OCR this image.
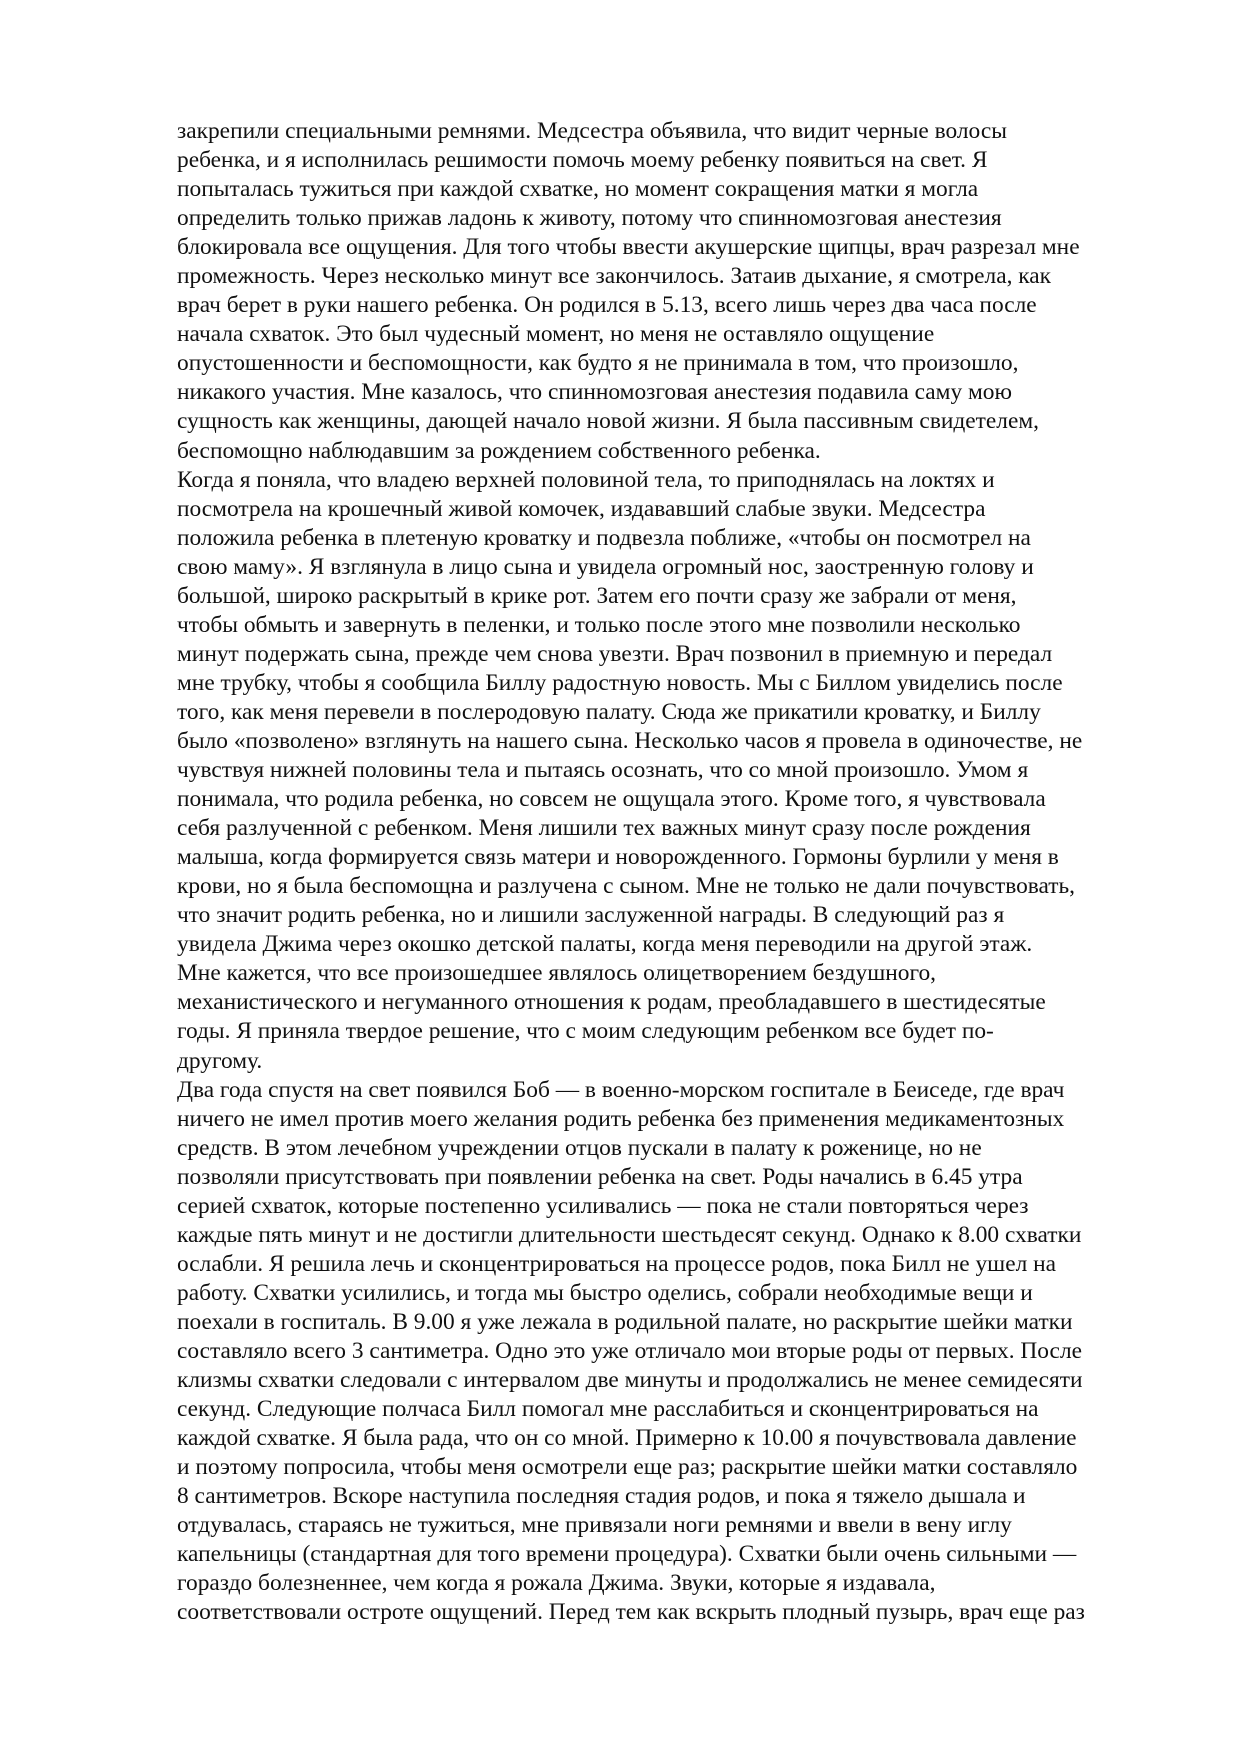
закрепили специальными ремнями. Медсестра объявила, что видит черные волосы
ребенка, и я исполнилась решимости помочь моему ребенку появиться на свет. Я
попыталась тужиться при каждой схватке, но момент сокращения матки я могла
определить только прижав ладонь к животу, потому что спинномозговая анестезия
блокировала все ощущения. Для того чтобы ввести акушерские щипцы, врач разрезал мне
промежность. Через несколько минут все закончилось. Затаив дыхание, я смотрела, как
врач берет в руки нашего ребенка. Он родился в 5.13, всего лишь через два часа после
начала схваток. Это был чудесный момент, но меня не оставляло ощущение
опустошенности и беспомощности, как будто я не принимала в том, что произошло,
никакого участия. Мне казалось, что спинномозговая анестезия подавила саму мою
сущность как женщины, дающей начало новой жизни. Я была пассивным свидетелем,
беспомощно наблюдавшим за рождением собственного ребенка.
Когда я поняла, что владею верхней половиной тела, то приподнялась на локтях и
посмотрела на крошечный живой комочек, издававший слабые звуки. Медсестра
положила ребенка в плетеную кроватку и подвезла поближе, «чтобы он посмотрел на
свою маму». Я взглянула в лицо сына и увидела огромный нос, заостренную голову и
большой, широко раскрытый в крике рот. Затем его почти сразу же забрали от меня,
чтобы обмыть и завернуть в пеленки, и только после этого мне позволили несколько
минут подержать сына, прежде чем снова увезти. Врач позвонил в приемную и передал
мне трубку, чтобы я сообщила Биллу радостную новость. Мы с Биллом увиделись после
того, как меня перевели в послеродовую палату. Сюда же прикатили кроватку, и Биллу
было «позволено» взглянуть на нашего сына. Несколько часов я провела в одиночестве, не
чувствуя нижней половины тела и пытаясь осознать, что со мной произошло. Умом я
понимала, что родила ребенка, но совсем не ощущала этого. Кроме того, я чувствовала
себя разлученной с ребенком. Меня лишили тех важных минут сразу после рождения
малыша, когда формируется связь матери и новорожденного. Гормоны бурлили у меня в
крови, но я была беспомощна и разлучена с сыном. Мне не только не дали почувствовать,
что значит родить ребенка, но и лишили заслуженной награды. В следующий раз я
увидела Джима через окошко детской палаты, когда меня переводили на другой этаж.
Мне кажется, что все произошедшее являлось олицетворением бездушного,
механистического и негуманного отношения к родам, преобладавшего в шестидесятые
годы. Я приняла твердое решение, что с моим следующим ребенком все будет по-
другому.
Два года спустя на свет появился Боб — в военно-морском госпитале в Беиседе, где врач
ничего не имел против моего желания родить ребенка без применения медикаментозных
средств. В этом лечебном учреждении отцов пускали в палату к роженице, но не
позволяли присутствовать при появлении ребенка на свет. Роды начались в 6.45 утра
серией схваток, которые постепенно усиливались — пока не стали повторяться через
каждые пять минут и не достигли длительности шестьдесят секунд. Однако к 8.00 схватки
ослабли. Я решила лечь и сконцентрироваться на процессе родов, пока Билл не ушел на
работу. Схватки усилились, и тогда мы быстро оделись, собрали необходимые вещи и
поехали в госпиталь. В 9.00 я уже лежала в родильной палате, но раскрытие шейки матки
составляло всего 3 сантиметра. Одно это уже отличало мои вторые роды от первых. После
клизмы схватки следовали с интервалом две минуты и продолжались не менее семидесяти
секунд. Следующие полчаса Билл помогал мне расслабиться и сконцентрироваться на
каждой схватке. Я была рада, что он со мной. Примерно к 10.00 я почувствовала давление
и поэтому попросила, чтобы меня осмотрели еще раз; раскрытие шейки матки составляло
8 сантиметров. Вскоре наступила последняя стадия родов, и пока я тяжело дышала и
отдувалась, стараясь не тужиться, мне привязали ноги ремнями и ввели в вену иглу
капельницы (стандартная для того времени процедура). Схватки были очень сильными —
гораздо болезненнее, чем когда я рожала Джима. Звуки, которые я издавала,
соответствовали остроте ощущений. Перед тем как вскрыть плодный пузырь, врач еще раз
